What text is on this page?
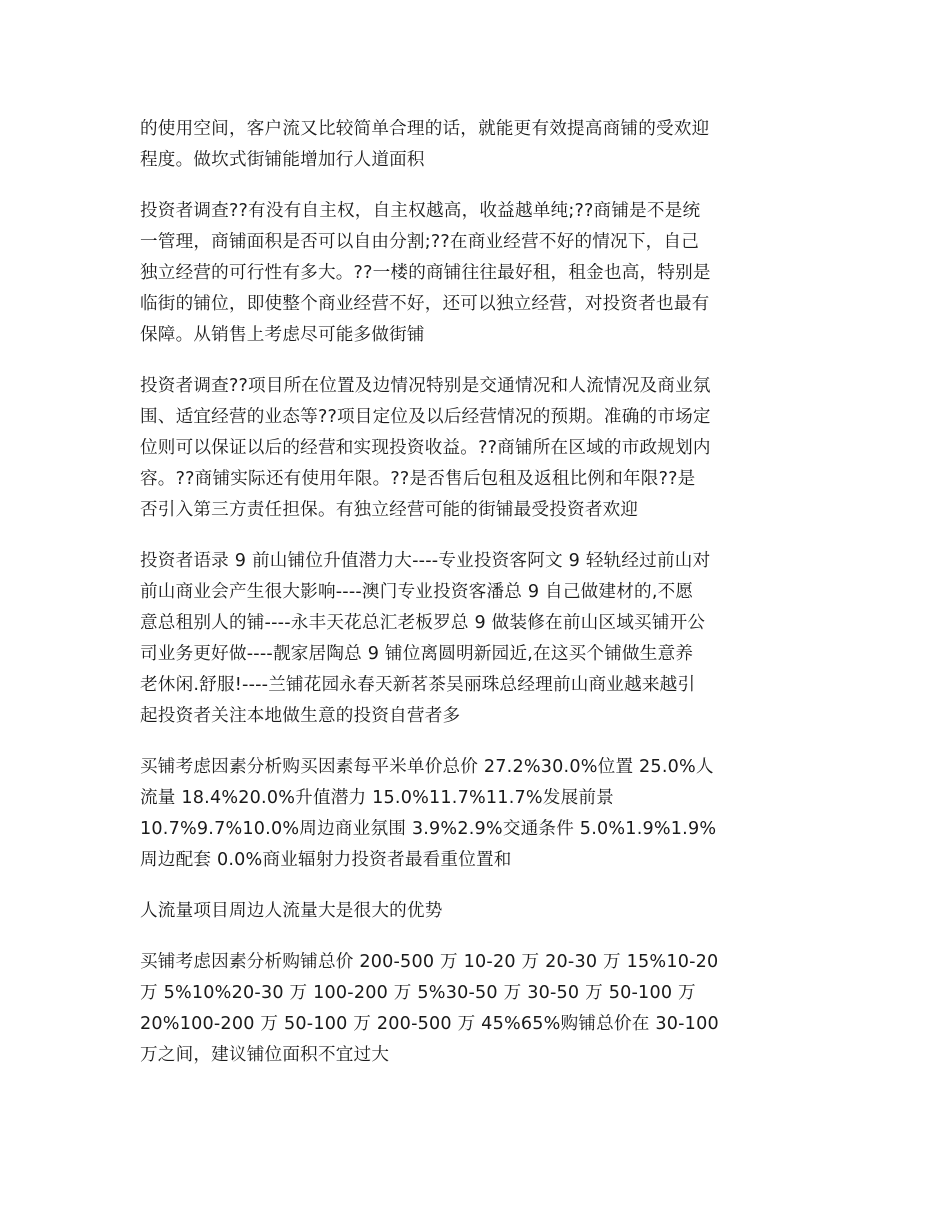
的使用空间，客户流又比较简单合理的话，就能更有效提高商铺的受欢迎
程度。做坎式街铺能增加行人道面积

投资者调查??有没有自主权，自主权越高，收益越单纯;??商铺是不是统
一管理，商铺面积是否可以自由分割;??在商业经营不好的情况下，自己
独立经营的可行性有多大。??一楼的商铺往往最好租，租金也高，特别是
临街的铺位，即使整个商业经营不好，还可以独立经营，对投资者也最有
保障。从销售上考虑尽可能多做街铺

投资者调查??项目所在位置及边情况特别是交通情况和人流情况及商业氛
围、适宜经营的业态等??项目定位及以后经营情况的预期。准确的市场定
位则可以保证以后的经营和实现投资收益。??商铺所在区域的市政规划内
容。??商铺实际还有使用年限。??是否售后包租及返租比例和年限??是
否引入第三方责任担保。有独立经营可能的街铺最受投资者欢迎

投资者语录 9 前山铺位升值潜力大----专业投资客阿文 9 轻轨经过前山对
前山商业会产生很大影响----澳门专业投资客潘总 9 自己做建材的,不愿
意总租别人的铺----永丰天花总汇老板罗总 9 做装修在前山区域买铺开公
司业务更好做----靓家居陶总 9 铺位离圆明新园近,在这买个铺做生意养
老休闲.舒服!----兰铺花园永春天新茗茶吴丽珠总经理前山商业越来越引
起投资者关注本地做生意的投资自营者多

买铺考虑因素分析购买因素每平米单价总价 27.2%30.0%位置 25.0%人
流量 18.4%20.0%升值潜力 15.0%11.7%11.7%发展前景
10.7%9.7%10.0%周边商业氛围 3.9%2.9%交通条件 5.0%1.9%1.9%
周边配套 0.0%商业辐射力投资者最看重位置和

人流量项目周边人流量大是很大的优势

买铺考虑因素分析购铺总价 200-500 万 10-20 万 20-30 万 15%10-20
万 5%10%20-30 万 100-200 万 5%30-50 万 30-50 万 50-100 万
20%100-200 万 50-100 万 200-500 万 45%65%购铺总价在 30-100
万之间，建议铺位面积不宜过大
